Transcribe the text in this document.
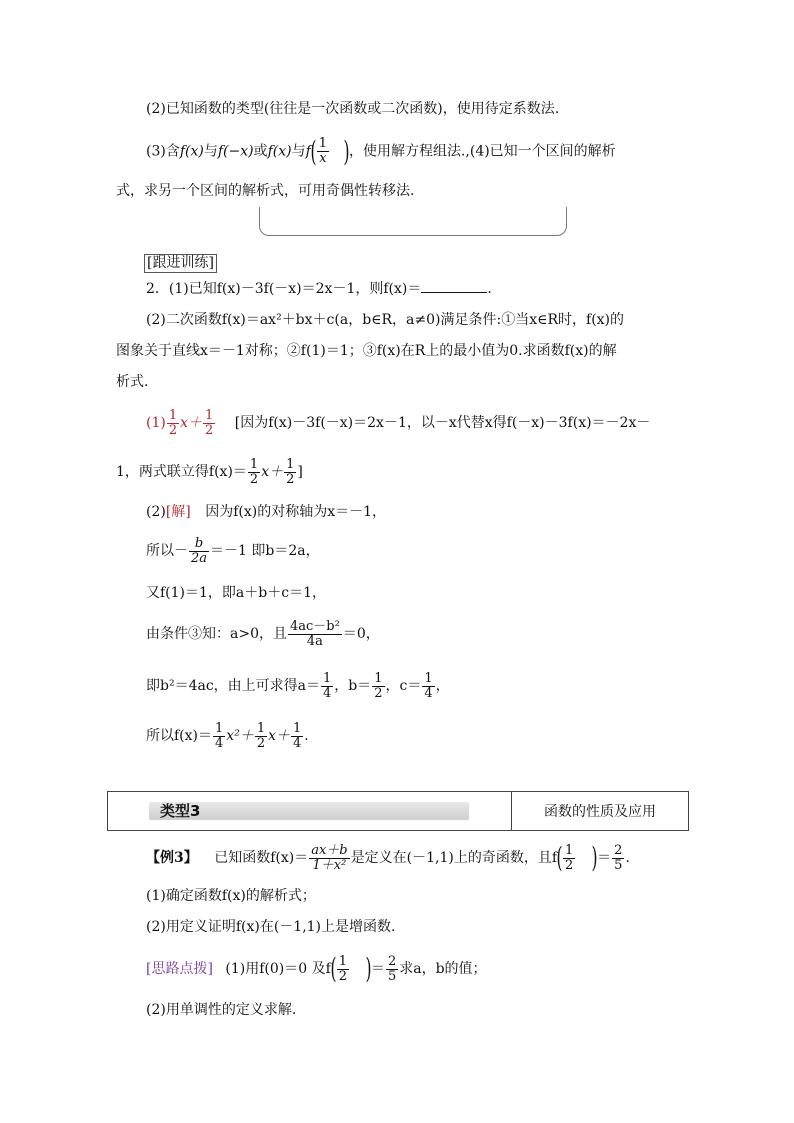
(2)已知函数的类型(往往是一次函数或二次函数)，使用待定系数法.
(3)含f(x)与f(−x)或f(x)与$f( \frac{1}{x}$ )，使用解方程组法.,(4)已知一个区间的解析
式，求另一个区间的解析式，可用奇偶性转移法.
[跟进训练]
2．(1)已知f(x)－3f(－x)＝2x－1，则f(x)＝	.
(2)二次函数f(x)＝ax²＋bx＋c(a，b∈R，a≠0)满足条件:①当x∈R时，f(x)的
图象关于直线x＝－1对称；②f(1)＝1；③f(x)在R上的最小值为0.求函数f(x)的解
析式.
$(1) \frac{1}{2} x+ \frac{1}{2}$ [因为f(x)－3f(－x)＝2x－1，以－x代替x得f(－x)－3f(x)＝－2x－
1，两式联立得$f(x)= \frac{1}{2} x+ \frac{1}{2}$ ]
(2)[解] 因为f(x)的对称轴为x＝－1，
所以－ $\frac{b}{2a} =-1$ 即b＝2a，
又f(1)＝1，即a＋b＋c＝1，
由条件③知：a>0，且 $\frac{\text{4ac－b²}}{4a} =0$，
即b²＝4ac，由上可求得$a= \frac{1}{4}$ ，$b= \frac{1}{2}$ ，$c= \frac{1}{4}$ ，
所以$f(x)= \frac{1}{4} x^2+ \frac{1}{2} x+ \frac{1}{4}$ .
类型3	函数的性质及应用
【例3】 已知函数$f(x)= \frac{ax+b}{\text{1＋x²}}$ 是定义在(－1,1)上的奇函数，且$f( \frac{1}{2}$ )＝ $\frac{2}{5}$ .
(1)确定函数f(x)的解析式；
(2)用定义证明f(x)在(－1,1)上是增函数.
[思路点拨] (1)用f(0)＝0 及$f( \frac{1}{2}$ )＝ $\frac{2}{5}$ 求a，b的值；
(2)用单调性的定义求解.
